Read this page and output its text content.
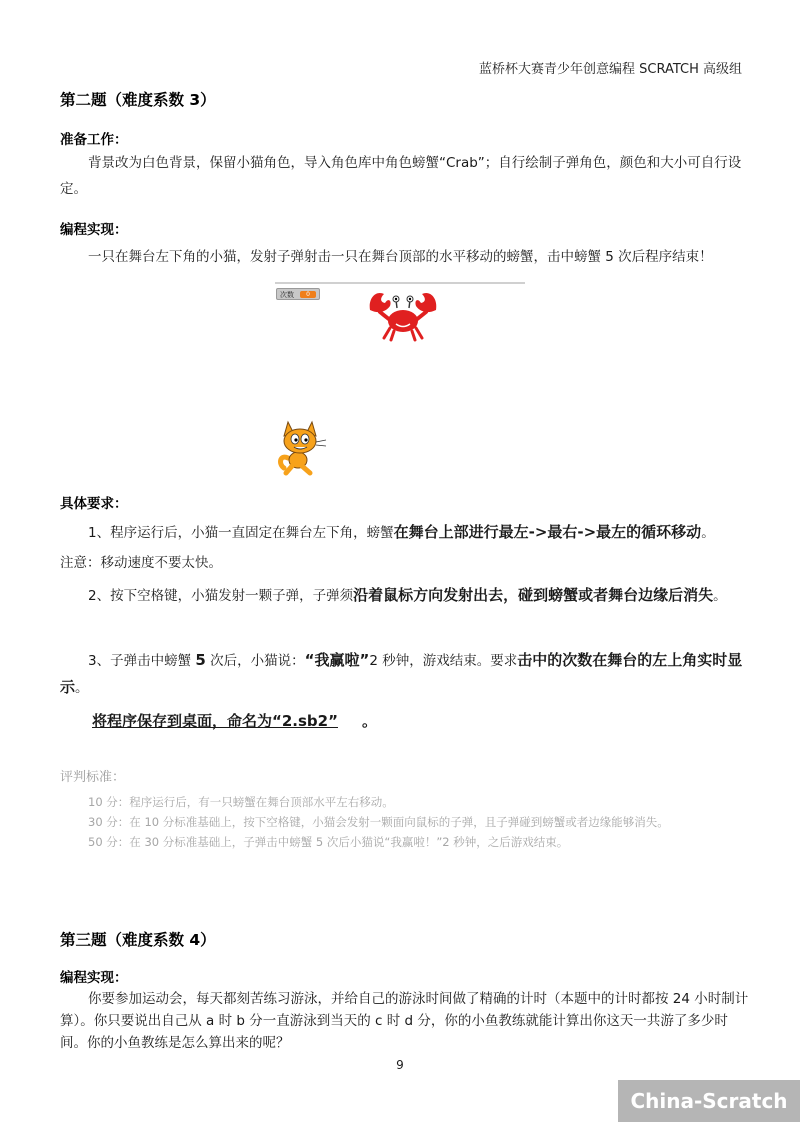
蓝桥杯大赛青少年创意编程 SCRATCH 高级组
第二题（难度系数 3）
准备工作：
背景改为白色背景，保留小猫角色，导入角色库中角色螃蟹“Crab”；自行绘制子弹角色，颜色和大小可自行设定。
编程实现：
一只在舞台左下角的小猫，发射子弹射击一只在舞台顶部的水平移动的螃蟹，击中螃蟹 5 次后程序结束！
次数	0
具体要求：
1、程序运行后，小猫一直固定在舞台左下角，螃蟹在舞台上部进行最左->最右->最左的循环移动。
注意：移动速度不要太快。
2、按下空格键，小猫发射一颗子弹，子弹须沿着鼠标方向发射出去，碰到螃蟹或者舞台边缘后消失。
3、子弹击中螃蟹 5 次后，小猫说：“我赢啦”2 秒钟，游戏结束。要求击中的次数在舞台的左上角实时显示。
将程序保存到桌面，命名为“2.sb2” 。
评判标准：
10 分：程序运行后，有一只螃蟹在舞台顶部水平左右移动。
30 分：在 10 分标准基础上，按下空格键，小猫会发射一颗面向鼠标的子弹，且子弹碰到螃蟹或者边缘能够消失。
50 分：在 30 分标准基础上，子弹击中螃蟹 5 次后小猫说“我赢啦！”2 秒钟，之后游戏结束。
第三题（难度系数 4）
编程实现：
你要参加运动会，每天都刻苦练习游泳，并给自己的游泳时间做了精确的计时（本题中的计时都按 24 小时制计算）。你只要说出自己从 a 时 b 分一直游泳到当天的 c 时 d 分，你的小鱼教练就能计算出你这天一共游了多少时间。你的小鱼教练是怎么算出来的呢？
9
China-Scratch
